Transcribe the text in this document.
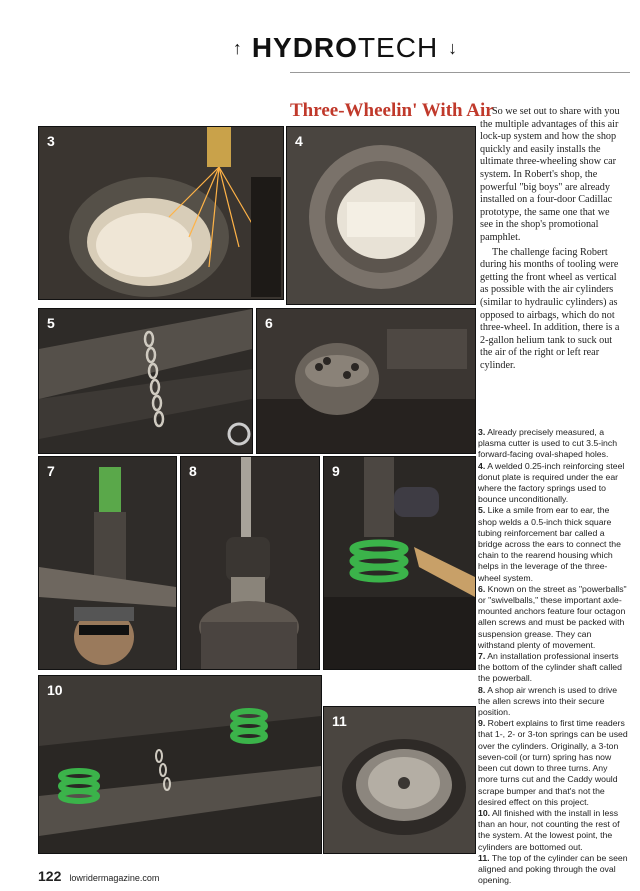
↑ HYDROTECH ↓
Three-Wheelin' With Air
3	4
5	6
7	8	9
10
11

So we set out to share with you the multiple advantages of this air lock-up system and how the shop quickly and easily installs the ultimate three-wheeling show car system. In Robert's shop, the powerful "big boys" are already installed on a four-door Cadillac prototype, the same one that we see in the shop's promotional pamphlet.

The challenge facing Robert during his months of tooling were getting the front wheel as vertical as possible with the air cylinders (similar to hydraulic cylinders) as opposed to airbags, which do not three-wheel. In addition, there is a 2-gallon helium tank to suck out the air of the right or left rear cylinder.

3. Already precisely measured, a plasma cutter is used to cut 3.5-inch forward-facing oval-shaped holes.

4. A welded 0.25-inch reinforcing steel donut plate is required under the ear where the factory springs used to bounce unconditionally.

5. Like a smile from ear to ear, the shop welds a 0.5-inch thick square tubing reinforcement bar called a bridge across the ears to connect the chain to the rearend housing which helps in the leverage of the three-wheel system.

6. Known on the street as "powerballs" or "swivelballs," these important axle-mounted anchors feature four octagon allen screws and must be packed with suspension grease. They can withstand plenty of movement.

7. An installation professional inserts the bottom of the cylinder shaft called the powerball.

8. A shop air wrench is used to drive the allen screws into their secure position.

9. Robert explains to first time readers that 1-, 2- or 3-ton springs can be used over the cylinders. Originally, a 3-ton seven-coil (or turn) spring has now been cut down to three turns. Any more turns cut and the Caddy would scrape bumper and that's not the desired effect on this project.

10. All finished with the install in less than an hour, not counting the rest of the system. At the lowest point, the cylinders are bottomed out.

11. The top of the cylinder can be seen aligned and poking through the oval opening.

122 lowridermagazine.com
